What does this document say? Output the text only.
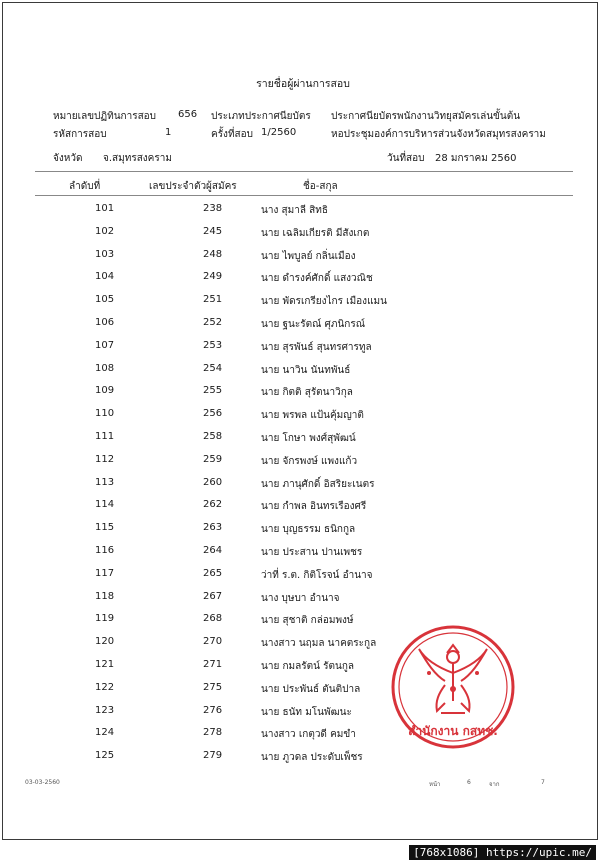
รายชื่อผู้ผ่านการสอบ
หมายเลขปฏิทินการสอบ 656 ประเภทประกาศนียบัตร ประกาศนียบัตรพนักงานวิทยุสมัครเล่นขั้นต้น
รหัสการสอบ	1	ครั้งที่สอบ 1/2560	หอประชุมองค์การบริหารส่วนจังหวัดสมุทรสงคราม
จังหวัด จ.สมุทรสงคราม	วันที่สอบ 28 มกราคม 2560
ลำดับที่	เลขประจำตัวผู้สมัคร	ชื่อ-สกุล
101	238	นาง สุมาลี สิทธิ
102	245	นาย เฉลิมเกียรติ มีสังเกต
103	248	นาย ไพบูลย์ กลิ่นเมือง
104	249	นาย ดำรงค์ศักดิ์ แสงวณิช
105	251	นาย พัดรเกรียงไกร เมืองแมน
106	252	นาย ฐนะรัตณ์ ศุภนิกรณ์
107	253	นาย สุรพันธ์ สุนทรศารทูล
108	254	นาย นาวิน นันทพันธ์
109	255	นาย กิตติ สุรัตนาวิกุล
110	256	นาย พรพล แป้นคุ้มญาติ
111	258	นาย โกษา พงศ์สุพัฒน์
112	259	นาย จักรพงษ์ แพงแก้ว
113	260	นาย ภานุศักดิ์ อิสริยะเนตร
114	262	นาย กำพล อินทรเรืองศรี
115	263	นาย บุญธรรม ธนิกกูล
116	264	นาย ประสาน ปานเพชร
117	265	ว่าที่ ร.ต. กิติโรจน์ อำนาจ
118	267	นาง บุษบา อำนาจ
119	268	นาย สุชาติ กล่อมพงษ์
120	270	นางสาว นฤมล นาคตระกูล
121	271	นาย กมลรัตน์ รัตนกูล
122	275	นาย ประพันธ์ ตันติปาล
123	276	นาย ธนัท มโนพัฒนะ
124	278	นางสาว เกตุวดี คมขำ
125	279	นาย ภูวดล ประดับเพ็ชร
สำนักงาน กสทช.
03-03-2560	หน้า	6	จาก	7
[768x1086] https://upic.me/
